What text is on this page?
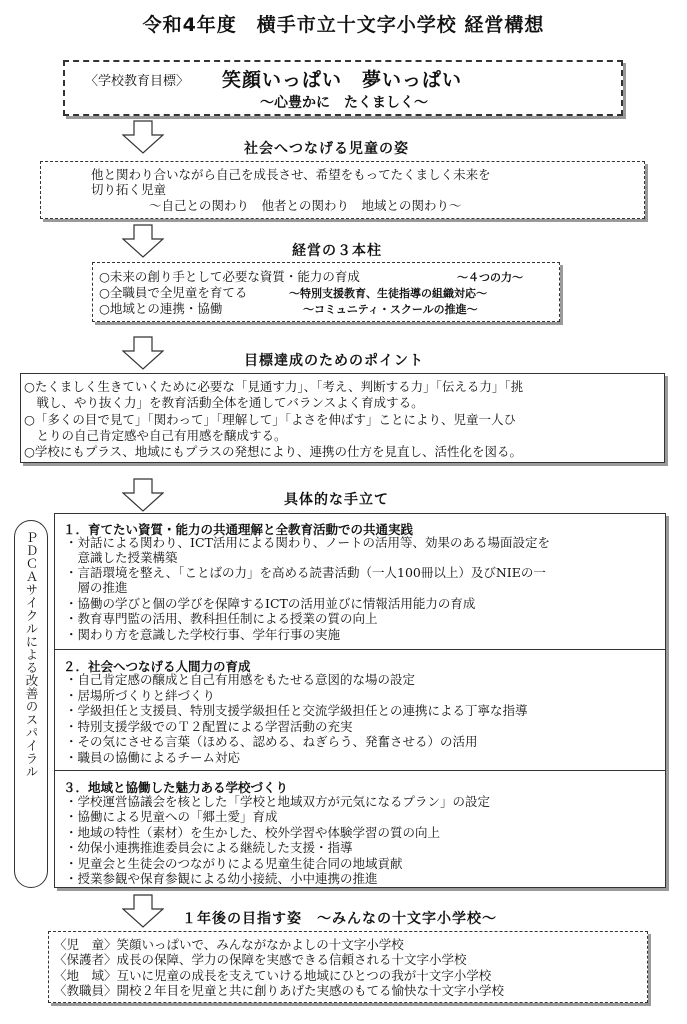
令和4年度　横手市立十文字小学校 経営構想
〈学校教育目標〉 笑顔いっぱい　夢いっぱい
～心豊かに　たくましく～
社会へつなげる児童の姿
他と関わり合いながら自己を成長させ、希望をもってたくましく未来を
切り拓く児童
～自己との関わり　他者との関わり　地域との関わり～
経営の３本柱
○未来の創り手として必要な資質・能力の育成	～４つの力～
○全職員で全児童を育てる	～特別支援教育、生徒指導の組織対応～
○地域との連携・協働	～コミュニティ・スクールの推進～
目標達成のためのポイント
○たくましく生きていくために必要な「見通す力」、「考え、判断する力」「伝える力」「挑
　戦し、やり抜く力」を教育活動全体を通してバランスよく育成する。
○「多くの目で見て」「関わって」「理解して」「よさを伸ばす」ことにより、児童一人ひ
　とりの自己肯定感や自己有用感を醸成する。
○学校にもプラス、地域にもプラスの発想により、連携の仕方を見直し、活性化を図る。
具体的な手立て
ＰＤＣＡサイクルによる改善のスパイラル
１．育てたい資質・能力の共通理解と全教育活動での共通実践
・対話による関わり、ICT活用による関わり、ノートの活用等、効果のある場面設定を
　意識した授業構築
・言語環境を整え、「ことばの力」を高める読書活動（一人100冊以上）及びNIEの一
　層の推進
・協働の学びと個の学びを保障するICTの活用並びに情報活用能力の育成
・教育専門監の活用、教科担任制による授業の質の向上
・関わり方を意識した学校行事、学年行事の実施
２．社会へつなげる人間力の育成
・自己肯定感の醸成と自己有用感をもたせる意図的な場の設定
・居場所づくりと絆づくり
・学級担任と支援員、特別支援学級担任と交流学級担任との連携による丁寧な指導
・特別支援学級でのＴ２配置による学習活動の充実
・その気にさせる言葉（ほめる、認める、ねぎらう、発奮させる）の活用
・職員の協働によるチーム対応
３．地域と協働した魅力ある学校づくり
・学校運営協議会を核とした「学校と地域双方が元気になるプラン」の設定
・協働による児童への「郷土愛」育成
・地域の特性（素材）を生かした、校外学習や体験学習の質の向上
・幼保小連携推進委員会による継続した支援・指導
・児童会と生徒会のつながりによる児童生徒合同の地域貢献
・授業参観や保育参観による幼小接続、小中連携の推進
１年後の目指す姿　～みんなの十文字小学校～
〈児　童〉笑顔いっぱいで、みんながなかよしの十文字小学校
〈保護者〉成長の保障、学力の保障を実感できる信頼される十文字小学校
〈地　域〉互いに児童の成長を支えていける地域にひとつの我が十文字小学校
〈教職員〉開校２年目を児童と共に創りあげた実感のもてる愉快な十文字小学校
